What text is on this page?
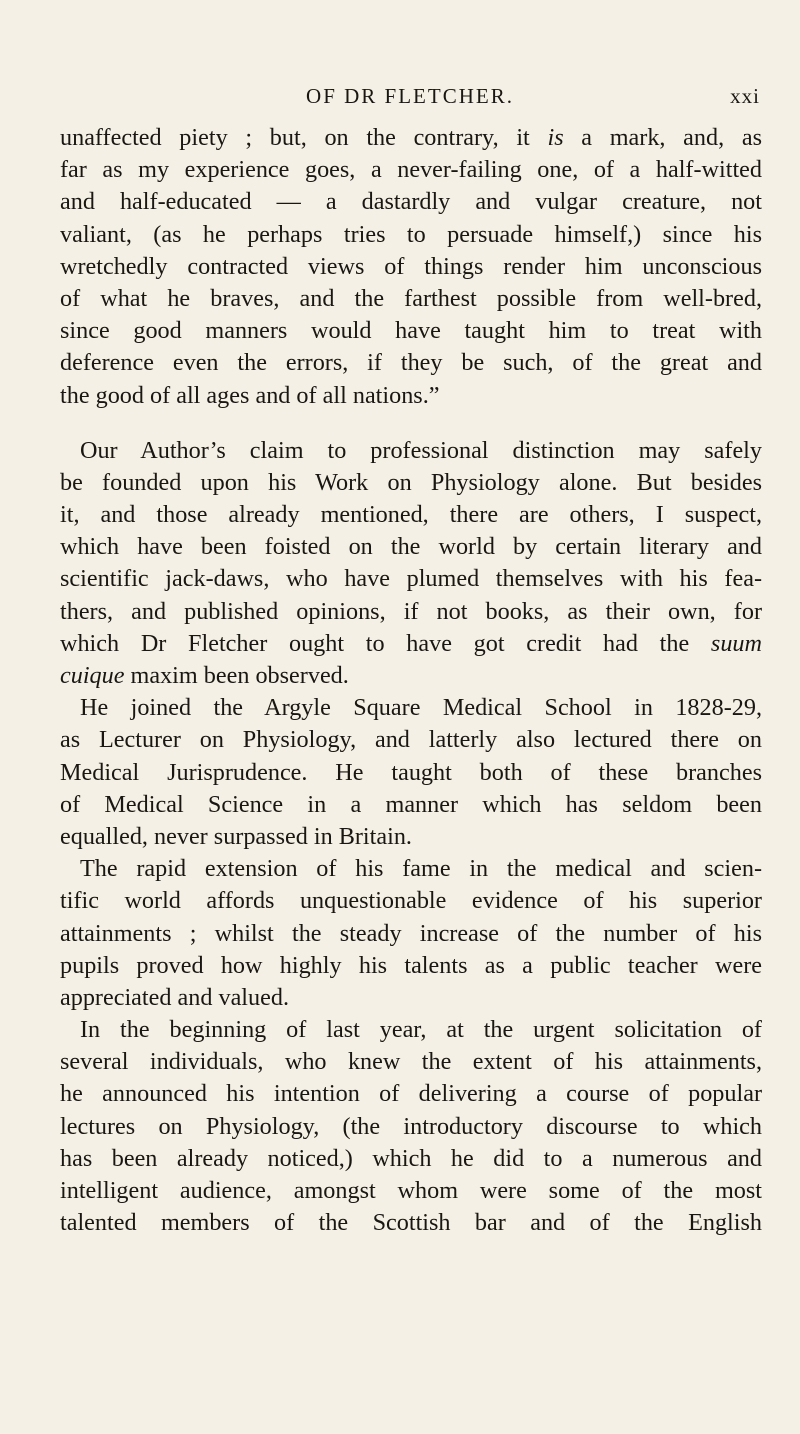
OF DR FLETCHER.	xxi
unaffected piety ; but, on the contrary, it is a mark, and, as
far as my experience goes, a never-failing one, of a half-witted
and half-educated — a dastardly and vulgar creature, not
valiant, (as he perhaps tries to persuade himself,) since his
wretchedly contracted views of things render him unconscious
of what he braves, and the farthest possible from well-bred,
since good manners would have taught him to treat with
deference even the errors, if they be such, of the great and
the good of all ages and of all nations.”
Our Author’s claim to professional distinction may safely
be founded upon his Work on Physiology alone. But besides
it, and those already mentioned, there are others, I suspect,
which have been foisted on the world by certain literary and
scientific jack-daws, who have plumed themselves with his fea-
thers, and published opinions, if not books, as their own, for
which Dr Fletcher ought to have got credit had the suum
cuique maxim been observed.
He joined the Argyle Square Medical School in 1828-29,
as Lecturer on Physiology, and latterly also lectured there on
Medical Jurisprudence. He taught both of these branches
of Medical Science in a manner which has seldom been
equalled, never surpassed in Britain.
The rapid extension of his fame in the medical and scien-
tific world affords unquestionable evidence of his superior
attainments ; whilst the steady increase of the number of his
pupils proved how highly his talents as a public teacher were
appreciated and valued.
In the beginning of last year, at the urgent solicitation of
several individuals, who knew the extent of his attainments,
he announced his intention of delivering a course of popular
lectures on Physiology, (the introductory discourse to which
has been already noticed,) which he did to a numerous and
intelligent audience, amongst whom were some of the most
talented members of the Scottish bar and of the English
